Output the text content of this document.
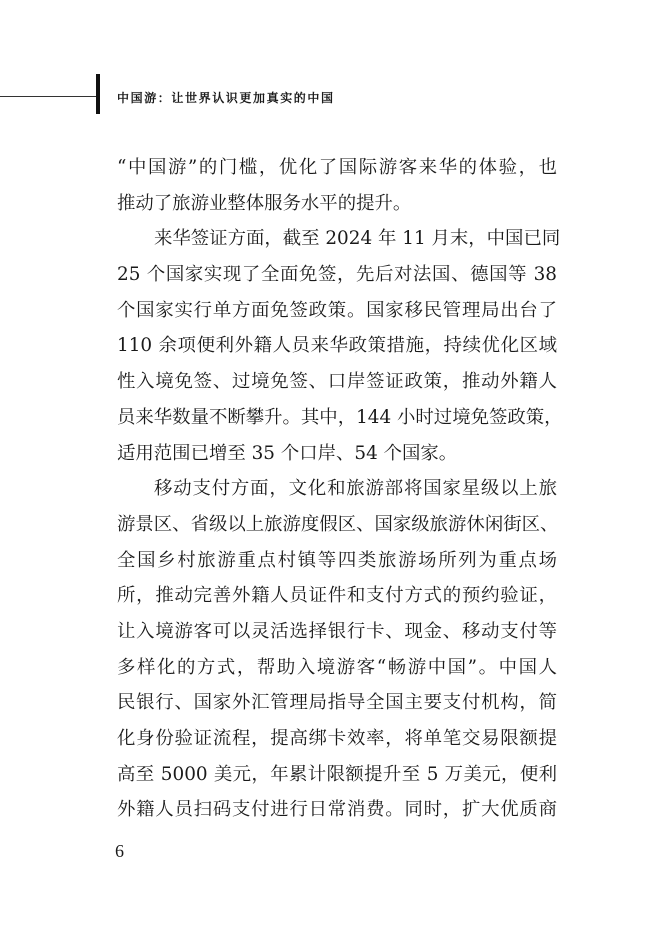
中国游：让世界认识更加真实的中国
“中国游”的门槛，优化了国际游客来华的体验，也
推动了旅游业整体服务水平的提升。
来华签证方面，截至 2024 年 11 月末，中国已同
25 个国家实现了全面免签，先后对法国、德国等 38
个国家实行单方面免签政策。国家移民管理局出台了
110 余项便利外籍人员来华政策措施，持续优化区域
性入境免签、过境免签、口岸签证政策，推动外籍人
员来华数量不断攀升。其中，144 小时过境免签政策，
适用范围已增至 35 个口岸、54 个国家。
移动支付方面，文化和旅游部将国家星级以上旅
游景区、省级以上旅游度假区、国家级旅游休闲街区、
全国乡村旅游重点村镇等四类旅游场所列为重点场
所，推动完善外籍人员证件和支付方式的预约验证，
让入境游客可以灵活选择银行卡、现金、移动支付等
多样化的方式，帮助入境游客“畅游中国”。中国人
民银行、国家外汇管理局指导全国主要支付机构，简
化身份验证流程，提高绑卡效率，将单笔交易限额提
高至 5000 美元，年累计限额提升至 5 万美元，便利
外籍人员扫码支付进行日常消费。同时，扩大优质商
6
